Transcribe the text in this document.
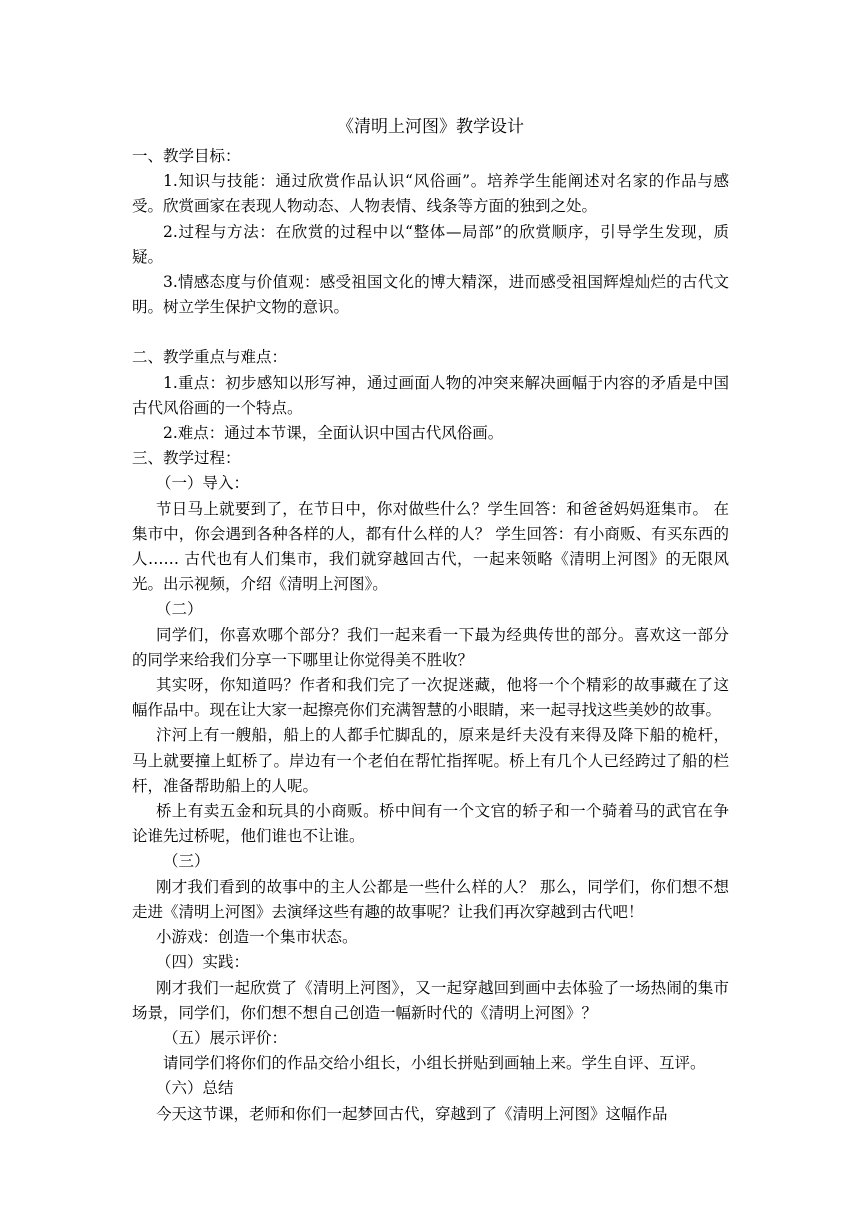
《清明上河图》教学设计

一、教学目标：

1.知识与技能：通过欣赏作品认识“风俗画”。培养学生能阐述对名家的作品与感受。欣赏画家在表现人物动态、人物表情、线条等方面的独到之处。

2.过程与方法：在欣赏的过程中以“整体—局部”的欣赏顺序，引导学生发现，质疑。

3.情感态度与价值观：感受祖国文化的博大精深，进而感受祖国辉煌灿烂的古代文明。树立学生保护文物的意识。

二、教学重点与难点：

1.重点：初步感知以形写神，通过画面人物的冲突来解决画幅于内容的矛盾是中国古代风俗画的一个特点。

2.难点：通过本节课，全面认识中国古代风俗画。

三、教学过程：

（一）导入：

节日马上就要到了，在节日中，你对做些什么？学生回答：和爸爸妈妈逛集市。 在集市中，你会遇到各种各样的人，都有什么样的人？ 学生回答：有小商贩、有买东西的人…… 古代也有人们集市，我们就穿越回古代，一起来领略《清明上河图》的无限风光。出示视频，介绍《清明上河图》。

（二）

同学们，你喜欢哪个部分？我们一起来看一下最为经典传世的部分。喜欢这一部分的同学来给我们分享一下哪里让你觉得美不胜收？

其实呀，你知道吗？作者和我们完了一次捉迷藏，他将一个个精彩的故事藏在了这幅作品中。现在让大家一起擦亮你们充满智慧的小眼睛，来一起寻找这些美妙的故事。

汴河上有一艘船，船上的人都手忙脚乱的，原来是纤夫没有来得及降下船的桅杆，马上就要撞上虹桥了。岸边有一个老伯在帮忙指挥呢。桥上有几个人已经跨过了船的栏杆，准备帮助船上的人呢。

桥上有卖五金和玩具的小商贩。桥中间有一个文官的轿子和一个骑着马的武官在争论谁先过桥呢，他们谁也不让谁。

（三）

刚才我们看到的故事中的主人公都是一些什么样的人？ 那么，同学们，你们想不想走进《清明上河图》去演绎这些有趣的故事呢？让我们再次穿越到古代吧！

小游戏：创造一个集市状态。

（四）实践：

刚才我们一起欣赏了《清明上河图》，又一起穿越回到画中去体验了一场热闹的集市场景，同学们，你们想不想自己创造一幅新时代的《清明上河图》？

（五）展示评价：

请同学们将你们的作品交给小组长，小组长拼贴到画轴上来。学生自评、互评。

（六）总结

今天这节课，老师和你们一起梦回古代，穿越到了《清明上河图》这幅作品
